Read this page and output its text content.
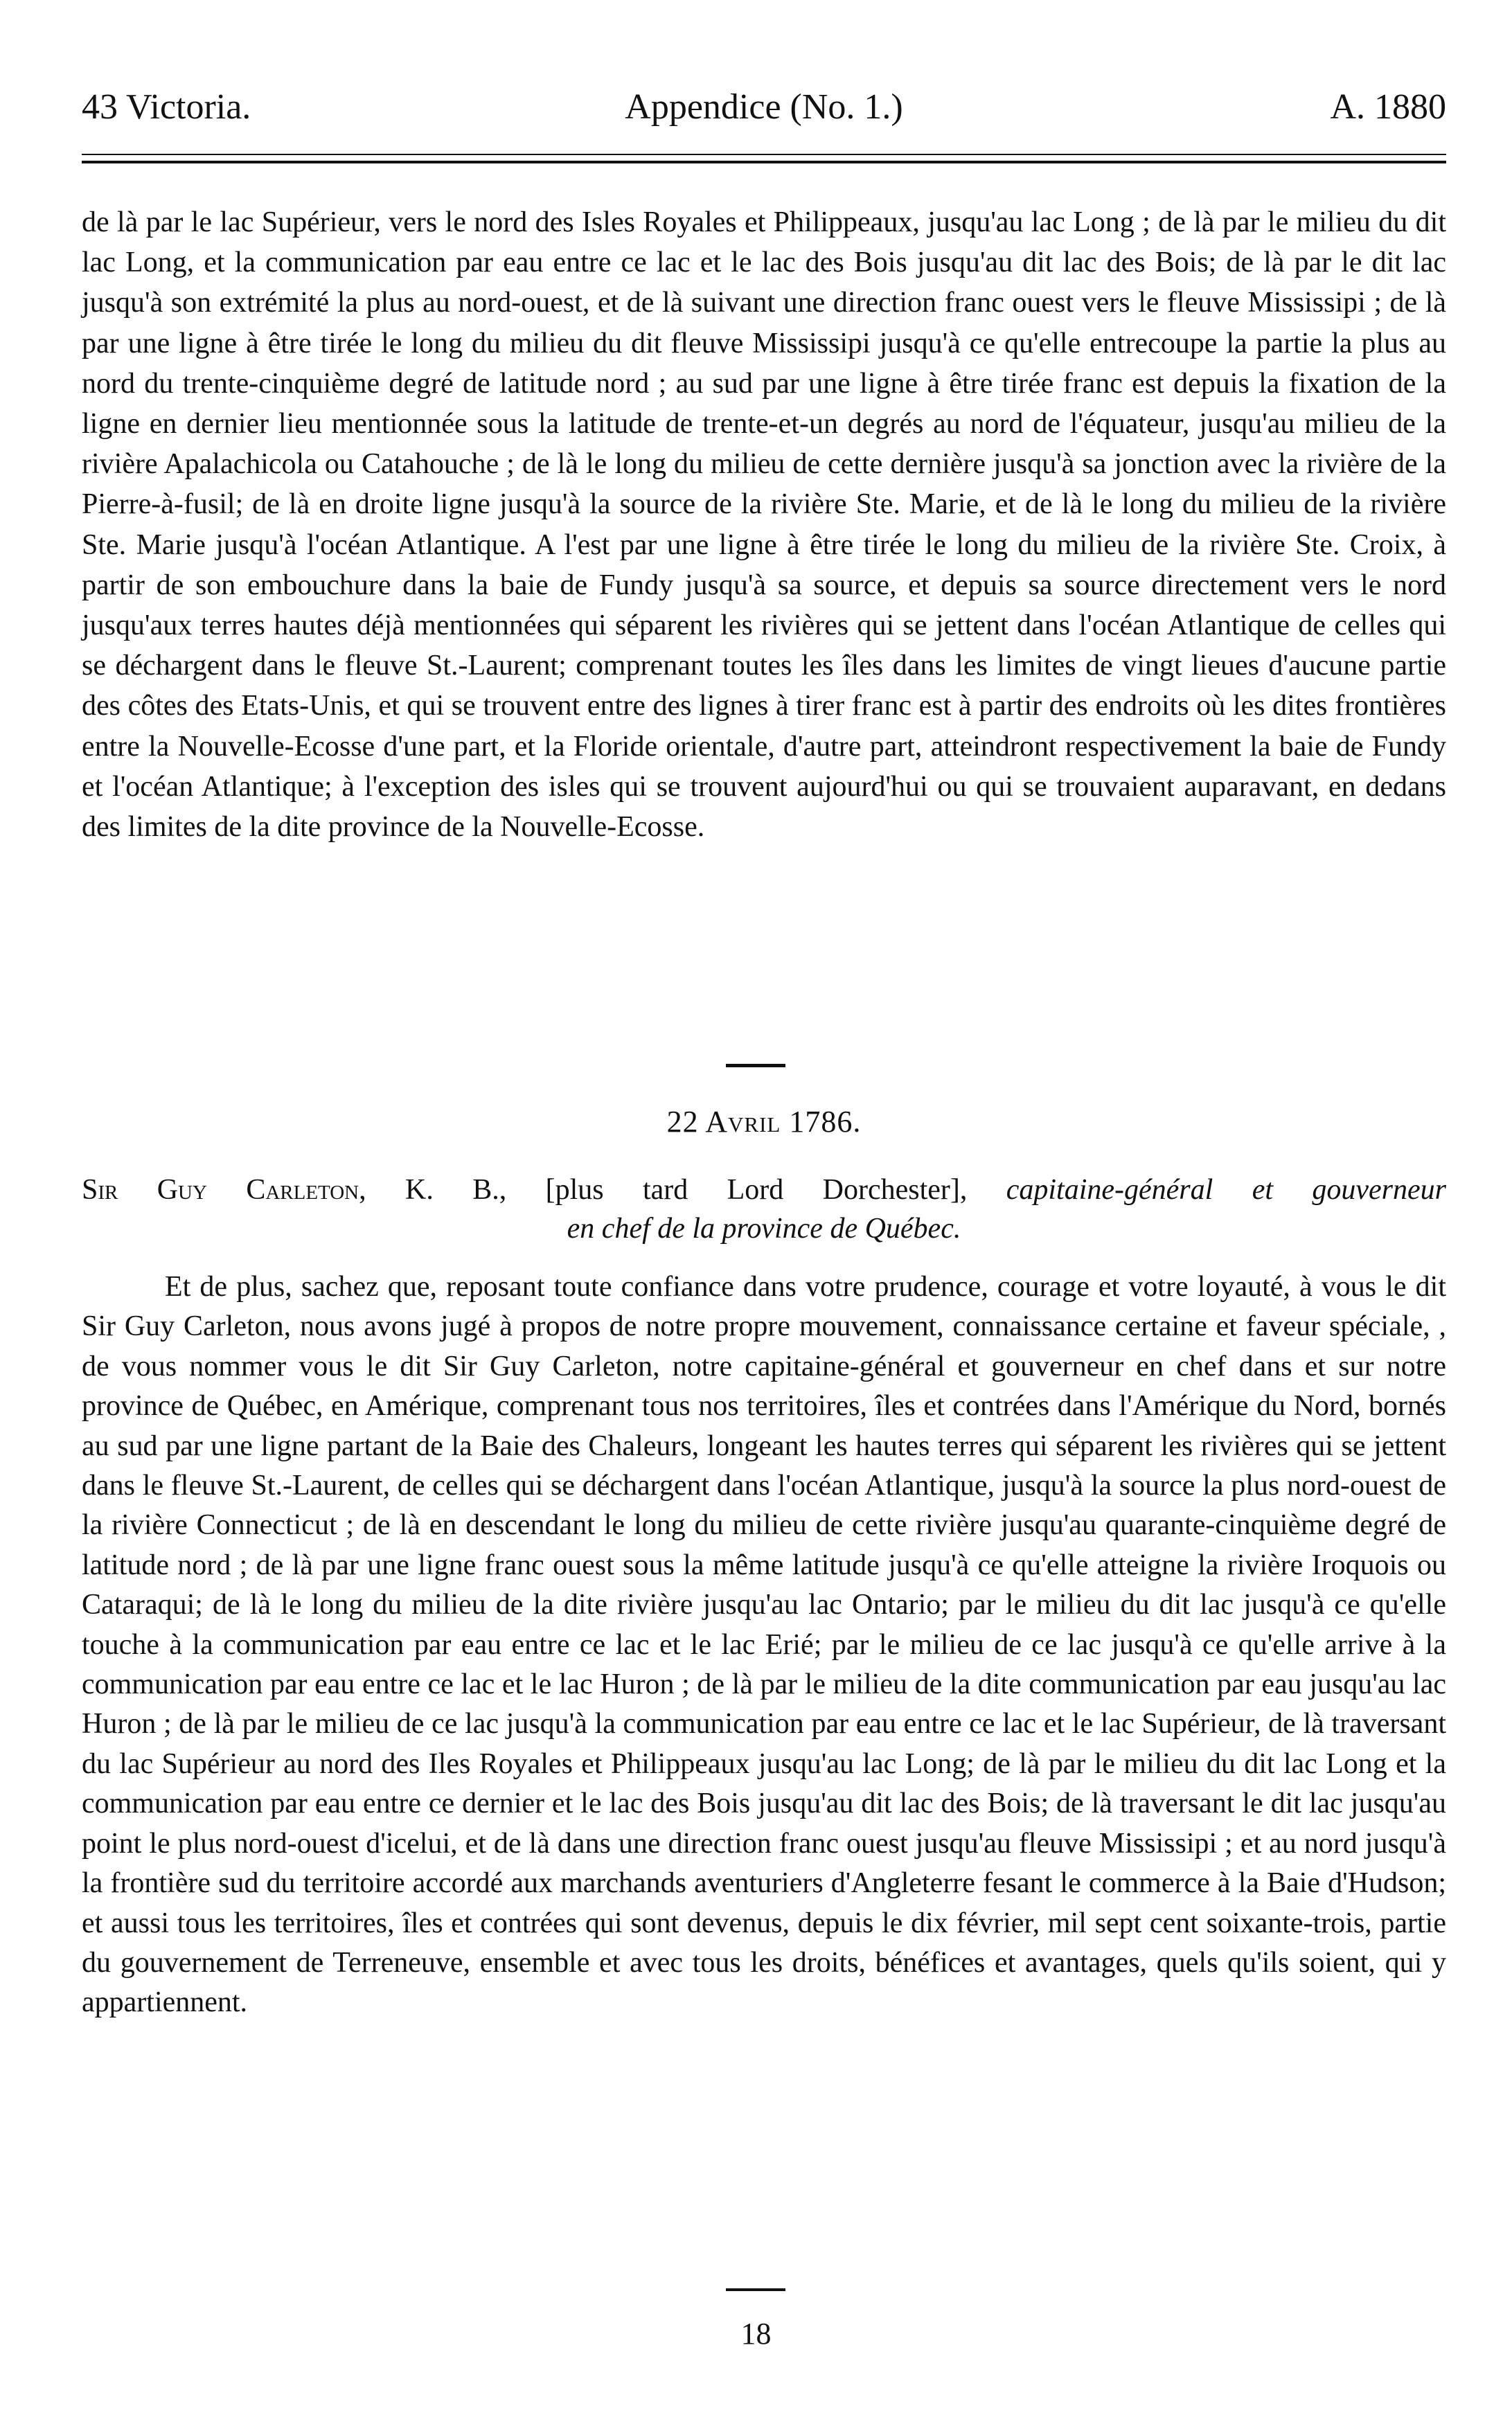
43 Victoria.	Appendice (No. 1.)	A. 1880

de là par le lac Supérieur, vers le nord des Isles Royales et Philippeaux, jusqu'au lac Long ; de là par le milieu du dit lac Long, et la communication par eau entre ce lac et le lac des Bois jusqu'au dit lac des Bois; de là par le dit lac jusqu'à son extrémité la plus au nord-ouest, et de là suivant une direction franc ouest vers le fleuve Mississipi ; de là par une ligne à être tirée le long du milieu du dit fleuve Mississipi jusqu'à ce qu'elle entrecoupe la partie la plus au nord du trente-cinquième degré de latitude nord ; au sud par une ligne à être tirée franc est depuis la fixation de la ligne en dernier lieu mentionnée sous la latitude de trente-et-un degrés au nord de l'équateur, jusqu'au milieu de la rivière Apalachicola ou Catahouche ; de là le long du milieu de cette dernière jusqu'à sa jonction avec la rivière de la Pierre-à-fusil; de là en droite ligne jusqu'à la source de la rivière Ste. Marie, et de là le long du milieu de la rivière Ste. Marie jusqu'à l'océan Atlantique. A l'est par une ligne à être tirée le long du milieu de la rivière Ste. Croix, à partir de son embouchure dans la baie de Fundy jusqu'à sa source, et depuis sa source directement vers le nord jusqu'aux terres hautes déjà mentionnées qui séparent les rivières qui se jettent dans l'océan Atlantique de celles qui se déchargent dans le fleuve St.-Laurent; comprenant toutes les îles dans les limites de vingt lieues d'aucune partie des côtes des Etats-Unis, et qui se trouvent entre des lignes à tirer franc est à partir des endroits où les dites frontières entre la Nouvelle-Ecosse d'une part, et la Floride orientale, d'autre part, atteindront respectivement la baie de Fundy et l'océan Atlantique; à l'exception des isles qui se trouvent aujourd'hui ou qui se trouvaient auparavant, en dedans des limites de la dite province de la Nouvelle-Ecosse.

22 Avril 1786.
Sir Guy Carleton, K. B., [plus tard Lord Dorchester], capitaine-général et gouverneur
en chef de la province de Québec.

Et de plus, sachez que, reposant toute confiance dans votre prudence, courage et votre loyauté, à vous le dit Sir Guy Carleton, nous avons jugé à propos de notre propre mouvement, connaissance certaine et faveur spéciale, , de vous nommer vous le dit Sir Guy Carleton, notre capitaine-général et gouverneur en chef dans et sur notre province de Québec, en Amérique, comprenant tous nos territoires, îles et contrées dans l'Amérique du Nord, bornés au sud par une ligne partant de la Baie des Chaleurs, longeant les hautes terres qui séparent les rivières qui se jettent dans le fleuve St.-Laurent, de celles qui se déchargent dans l'océan Atlantique, jusqu'à la source la plus nord-ouest de la rivière Connecticut ; de là en descendant le long du milieu de cette rivière jusqu'au quarante-cinquième degré de latitude nord ; de là par une ligne franc ouest sous la même latitude jusqu'à ce qu'elle atteigne la rivière Iroquois ou Cataraqui; de là le long du milieu de la dite rivière jusqu'au lac Ontario; par le milieu du dit lac jusqu'à ce qu'elle touche à la communication par eau entre ce lac et le lac Erié; par le milieu de ce lac jusqu'à ce qu'elle arrive à la communication par eau entre ce lac et le lac Huron ; de là par le milieu de la dite communication par eau jusqu'au lac Huron ; de là par le milieu de ce lac jusqu'à la communication par eau entre ce lac et le lac Supérieur, de là traversant du lac Supérieur au nord des Iles Royales et Philippeaux jusqu'au lac Long; de là par le milieu du dit lac Long et la communication par eau entre ce dernier et le lac des Bois jusqu'au dit lac des Bois; de là traversant le dit lac jusqu'au point le plus nord-ouest d'icelui, et de là dans une direction franc ouest jusqu'au fleuve Mississipi ; et au nord jusqu'à la frontière sud du territoire accordé aux marchands aventuriers d'Angleterre fesant le commerce à la Baie d'Hudson; et aussi tous les territoires, îles et contrées qui sont devenus, depuis le dix février, mil sept cent soixante-trois, partie du gouvernement de Terreneuve, ensemble et avec tous les droits, bénéfices et avantages, quels qu'ils soient, qui y appartiennent.

18
